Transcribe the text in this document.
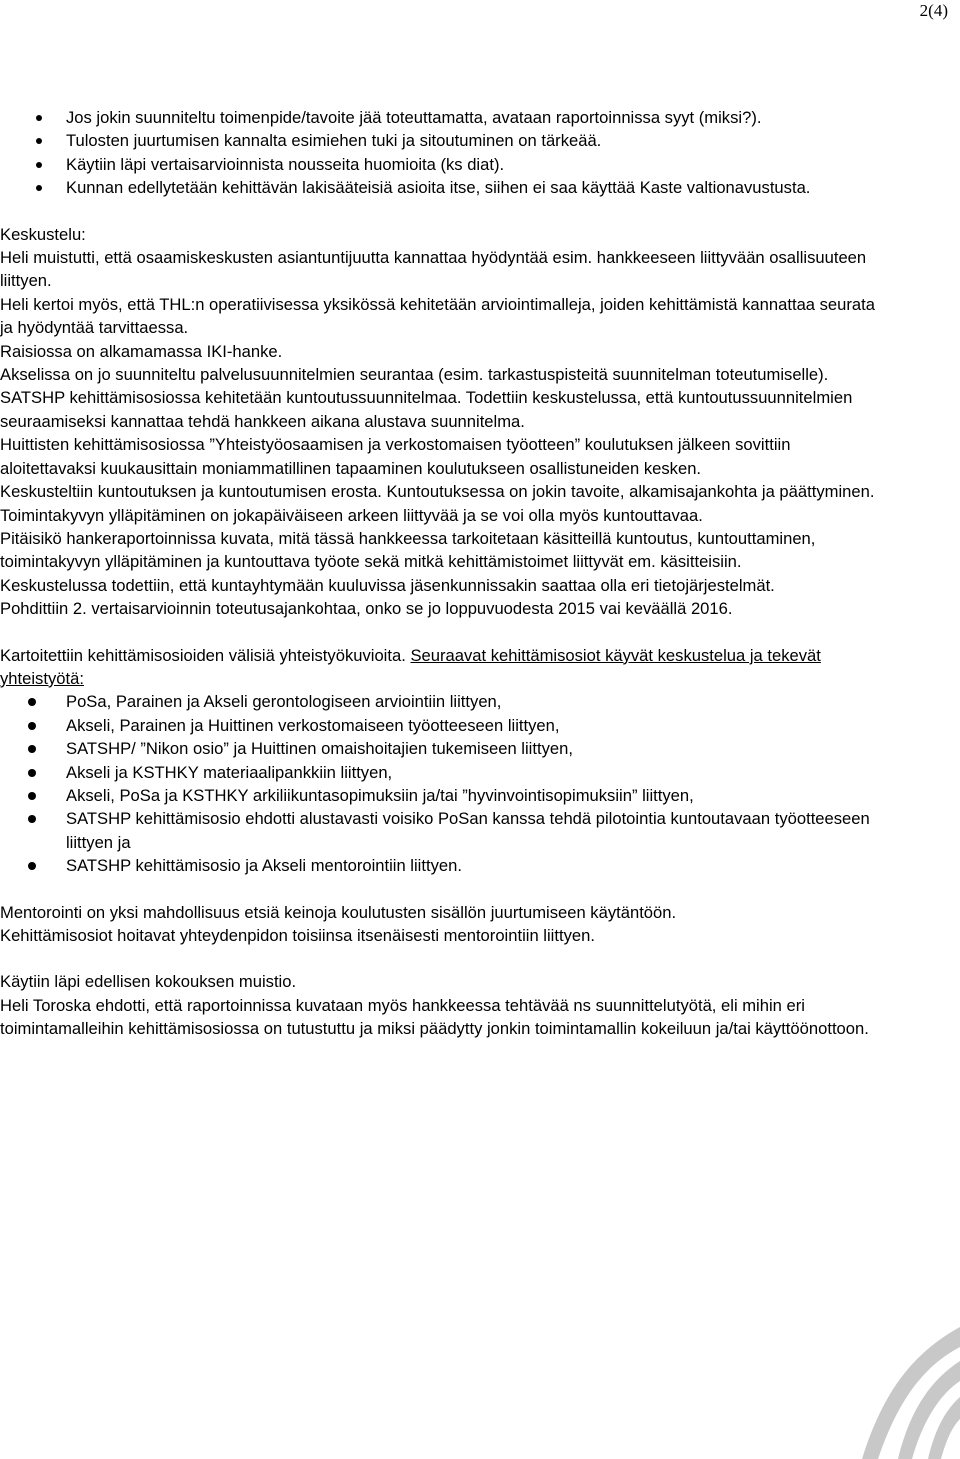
2(4)
Jos jokin suunniteltu toimenpide/tavoite jää toteuttamatta, avataan raportoinnissa syyt (miksi?).
Tulosten juurtumisen kannalta esimiehen tuki ja sitoutuminen on tärkeää.
Käytiin läpi vertaisarvioinnista nousseita huomioita (ks diat).
Kunnan edellytetään kehittävän lakisääteisiä asioita itse, siihen ei saa käyttää Kaste valtionavustusta.

Keskustelu:

Heli muistutti, että osaamiskeskusten asiantuntijuutta kannattaa hyödyntää esim. hankkeeseen liittyvään osallisuuteen liittyen.

Heli kertoi myös, että THL:n operatiivisessa yksikössä kehitetään arviointimalleja, joiden kehittämistä kannattaa seurata ja hyödyntää tarvittaessa.

Raisiossa on alkamamassa IKI-hanke.

Akselissa on jo suunniteltu palvelusuunnitelmien seurantaa (esim. tarkastuspisteitä suunnitelman toteutumiselle).

SATSHP kehittämisosiossa kehitetään kuntoutussuunnitelmaa. Todettiin keskustelussa, että kuntoutussuunnitelmien seuraamiseksi kannattaa tehdä hankkeen aikana alustava suunnitelma.

Huittisten kehittämisosiossa ”Yhteistyöosaamisen ja verkostomaisen työotteen” koulutuksen jälkeen sovittiin aloitettavaksi kuukausittain moniammatillinen tapaaminen koulutukseen osallistuneiden kesken.

Keskusteltiin kuntoutuksen ja kuntoutumisen erosta. Kuntoutuksessa on jokin tavoite, alkamisajankohta ja päättyminen. Toimintakyvyn ylläpitäminen on jokapäiväiseen arkeen liittyvää ja se voi olla myös kuntouttavaa.

Pitäisikö hankeraportoinnissa kuvata, mitä tässä hankkeessa tarkoitetaan käsitteillä kuntoutus, kuntouttaminen, toimintakyvyn ylläpitäminen ja kuntouttava työote sekä mitkä kehittämistoimet liittyvät em. käsitteisiin.

Keskustelussa todettiin, että kuntayhtymään kuuluvissa jäsenkunnissakin saattaa olla eri tietojärjestelmät.

Pohdittiin 2. vertaisarvioinnin toteutusajankohtaa, onko se jo loppuvuodesta 2015 vai keväällä 2016.

Kartoitettiin kehittämisosioiden välisiä yhteistyökuvioita. Seuraavat kehittämisosiot käyvät keskustelua ja tekevät yhteistyötä:

PoSa, Parainen ja Akseli gerontologiseen arviointiin liittyen,
Akseli, Parainen ja Huittinen verkostomaiseen työotteeseen liittyen,
SATSHP/ ”Nikon osio” ja Huittinen omaishoitajien tukemiseen liittyen,
Akseli ja KSTHKY materiaalipankkiin liittyen,
Akseli, PoSa ja KSTHKY arkiliikuntasopimuksiin ja/tai ”hyvinvointisopimuksiin” liittyen,
SATSHP kehittämisosio ehdotti alustavasti voisiko PoSan kanssa tehdä pilotointia kuntoutavaan työotteeseen liittyen ja
SATSHP kehittämisosio ja Akseli mentorointiin liittyen.

Mentorointi on yksi mahdollisuus etsiä keinoja koulutusten sisällön juurtumiseen käytäntöön.

Kehittämisosiot hoitavat yhteydenpidon toisiinsa itsenäisesti mentorointiin liittyen.

Käytiin läpi edellisen kokouksen muistio.

Heli Toroska ehdotti, että raportoinnissa kuvataan myös hankkeessa tehtävää ns suunnittelutyötä, eli mihin eri toimintamalleihin kehittämisosiossa on tutustuttu ja miksi päädytty jonkin toimintamallin kokeiluun ja/tai käyttöönottoon.
